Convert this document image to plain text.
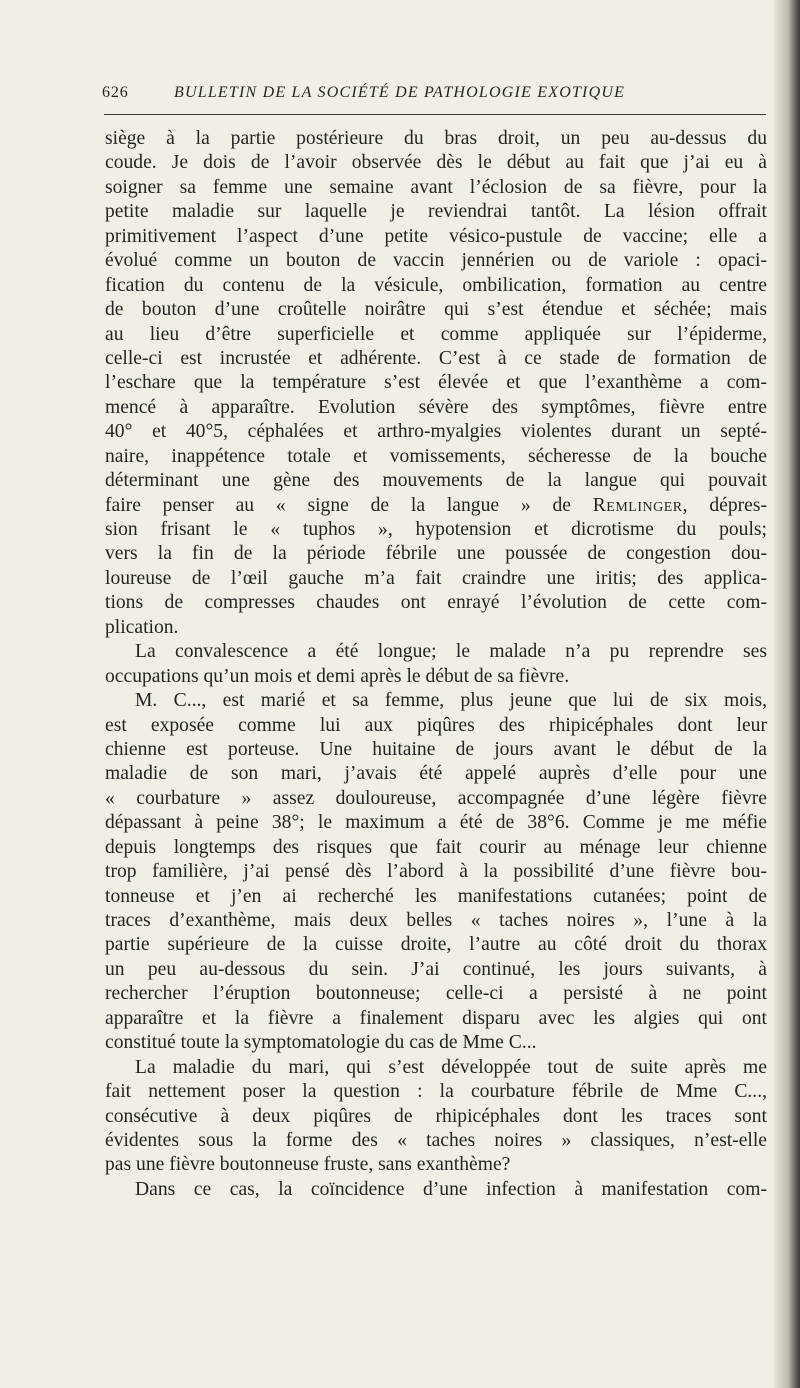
626	BULLETIN DE LA SOCIÉTÉ DE PATHOLOGIE EXOTIQUE
siège à la partie postérieure du bras droit, un peu au-dessus du
coude. Je dois de l’avoir observée dès le début au fait que j’ai eu à
soigner sa femme une semaine avant l’éclosion de sa fièvre, pour la
petite maladie sur laquelle je reviendrai tantôt. La lésion offrait
primitivement l’aspect d’une petite vésico-pustule de vaccine; elle a
évolué comme un bouton de vaccin jennérien ou de variole : opaci-
fication du contenu de la vésicule, ombilication, formation au centre
de bouton d’une croûtelle noirâtre qui s’est étendue et séchée; mais
au lieu d’être superficielle et comme appliquée sur l’épiderme,
celle-ci est incrustée et adhérente. C’est à ce stade de formation de
l’eschare que la température s’est élevée et que l’exanthème a com-
mencé à apparaître. Evolution sévère des symptômes, fièvre entre
40° et 40°5, céphalées et arthro-myalgies violentes durant un septé-
naire, inappétence totale et vomissements, sécheresse de la bouche
déterminant une gène des mouvements de la langue qui pouvait
faire penser au « signe de la langue » de Remlinger, dépres-
sion frisant le « tuphos », hypotension et dicrotisme du pouls;
vers la fin de la période fébrile une poussée de congestion dou-
loureuse de l’œil gauche m’a fait craindre une iritis; des applica-
tions de compresses chaudes ont enrayé l’évolution de cette com-
plication.
La convalescence a été longue; le malade n’a pu reprendre ses
occupations qu’un mois et demi après le début de sa fièvre.
M. C..., est marié et sa femme, plus jeune que lui de six mois,
est exposée comme lui aux piqûres des rhipicéphales dont leur
chienne est porteuse. Une huitaine de jours avant le début de la
maladie de son mari, j’avais été appelé auprès d’elle pour une
« courbature » assez douloureuse, accompagnée d’une légère fièvre
dépassant à peine 38°; le maximum a été de 38°6. Comme je me méfie
depuis longtemps des risques que fait courir au ménage leur chienne
trop familière, j’ai pensé dès l’abord à la possibilité d’une fièvre bou-
tonneuse et j’en ai recherché les manifestations cutanées; point de
traces d’exanthème, mais deux belles « taches noires », l’une à la
partie supérieure de la cuisse droite, l’autre au côté droit du thorax
un peu au-dessous du sein. J’ai continué, les jours suivants, à
rechercher l’éruption boutonneuse; celle-ci a persisté à ne point
apparaître et la fièvre a finalement disparu avec les algies qui ont
constitué toute la symptomatologie du cas de Mme C...
La maladie du mari, qui s’est développée tout de suite après me
fait nettement poser la question : la courbature fébrile de Mme C...,
consécutive à deux piqûres de rhipicéphales dont les traces sont
évidentes sous la forme des « taches noires » classiques, n’est-elle
pas une fièvre boutonneuse fruste, sans exanthème?
Dans ce cas, la coïncidence d’une infection à manifestation com-
